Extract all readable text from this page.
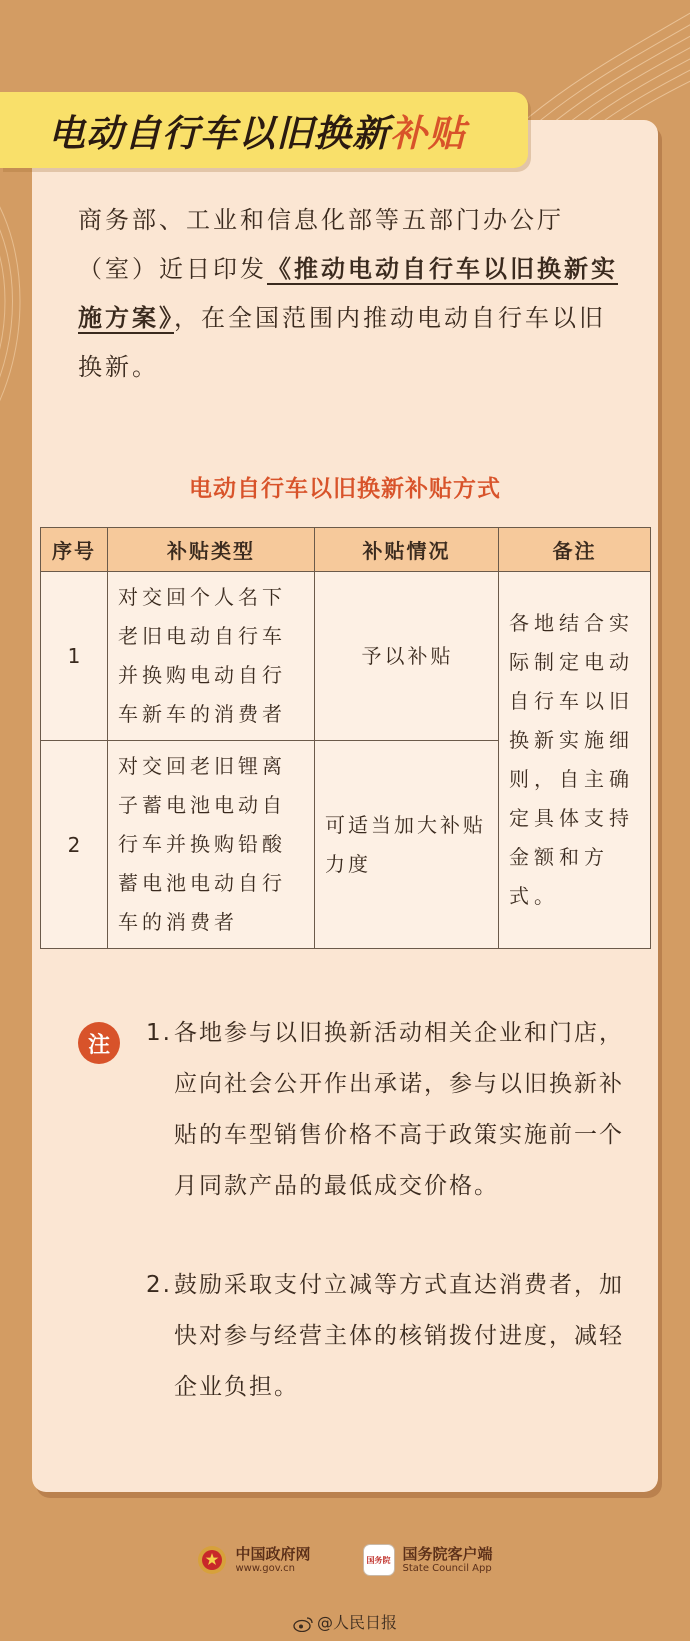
电动自行车以旧换新 补贴
商务部、工业和信息化部等五部门办公厅（室）近日印发《推动电动自行车以旧换新实施方案》，在全国范围内推动电动自行车以旧换新。
电动自行车以旧换新补贴方式
序号	补贴类型	补贴情况	备注
1	对交回个人名下老旧电动自行车并换购电动自行车新车的消费者	予以补贴	各地结合实际制定电动自行车以旧换新实施细则，自主确定具体支持金额和方式。
2	对交回老旧锂离子蓄电池电动自行车并换购铅酸蓄电池电动自行车的消费者	可适当加大补贴力度	
注	1. 各地参与以旧换新活动相关企业和门店，应向社会公开作出承诺，参与以旧换新补贴的车型销售价格不高于政策实施前一个月同款产品的最低成交价格。
2. 鼓励采取支付立减等方式直达消费者，加快对参与经营主体的核销拨付进度，减轻企业负担。
中国政府网
www.gov.cn
国务院 国务院客户端
State Council App
@人民日报
